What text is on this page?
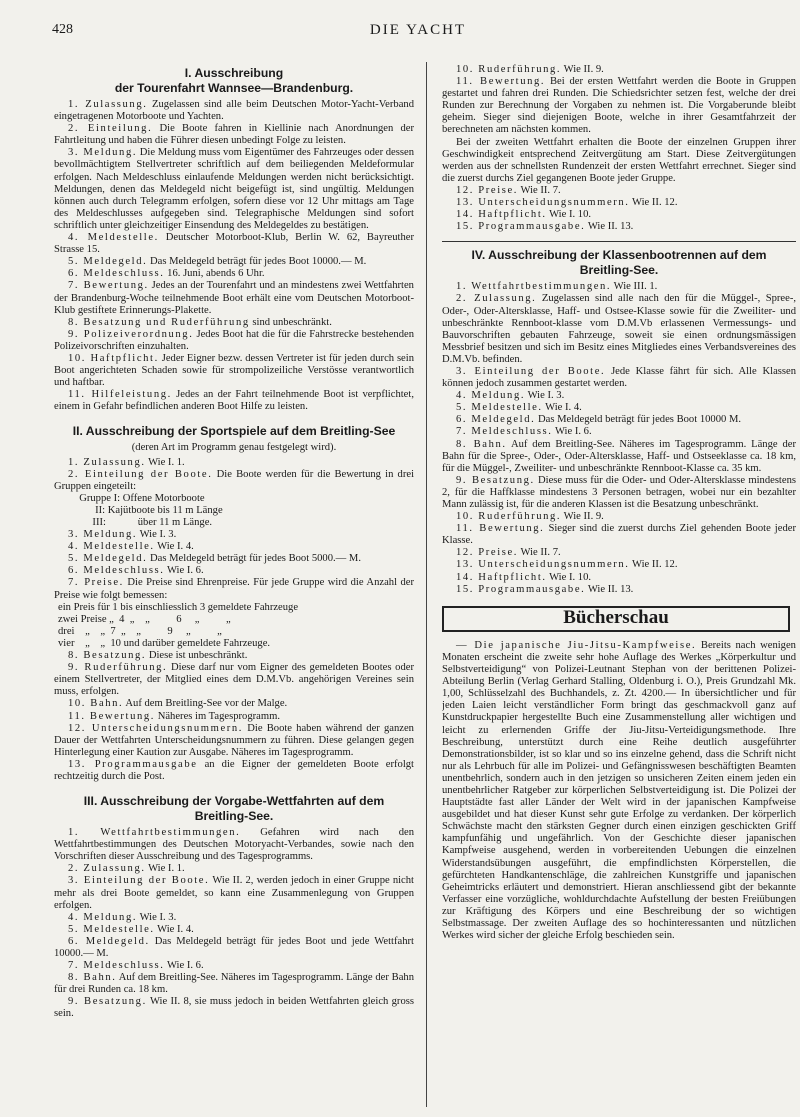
428	DIE YACHT
I. Ausschreibung
der Tourenfahrt Wannsee—Brandenburg.
1. Zulassung. Zugelassen sind alle beim Deutschen Motor-Yacht-Verband eingetragenen Motorboote und Yachten.
2. Einteilung. Die Boote fahren in Kiellinie nach Anordnungen der Fahrtleitung und haben die Führer diesen unbedingt Folge zu leisten.
3. Meldung. Die Meldung muss vom Eigentümer des Fahrzeuges oder dessen bevollmächtigtem Stellvertreter schriftlich auf dem beiliegenden Meldeformular erfolgen. Nach Meldeschluss einlaufende Meldungen werden nicht berücksichtigt. Meldungen, denen das Meldegeld nicht beigefügt ist, sind ungültig. Meldungen können auch durch Telegramm erfolgen, sofern diese vor 12 Uhr mittags am Tage des Meldeschlusses aufgegeben sind. Telegraphische Meldungen sind sofort schriftlich unter gleichzeitiger Einsendung des Meldegeldes zu bestätigen.
4. Meldestelle. Deutscher Motorboot-Klub, Berlin W. 62, Bayreuther Strasse 15.
5. Meldegeld. Das Meldegeld beträgt für jedes Boot 10000.— M.
6. Meldeschluss. 16. Juni, abends 6 Uhr.
7. Bewertung. Jedes an der Tourenfahrt und an mindestens zwei Wettfahrten der Brandenburg-Woche teilnehmende Boot erhält eine vom Deutschen Motorboot-Klub gestiftete Erinnerungs-Plakette.
8. Besatzung und Ruderführung sind unbeschränkt.
9. Polizeiverordnung. Jedes Boot hat die für die Fahrstrecke bestehenden Polizeivorschriften einzuhalten.
10. Haftpflicht. Jeder Eigner bezw. dessen Vertreter ist für jeden durch sein Boot angerichteten Schaden sowie für strompolizeiliche Verstösse verantwortlich und haftbar.
11. Hilfeleistung. Jedes an der Fahrt teilnehmende Boot ist verpflichtet, einem in Gefahr befindlichen anderen Boot Hilfe zu leisten.
II. Ausschreibung der Sportspiele auf dem Breitling-See
(deren Art im Programm genau festgelegt wird).
1. Zulassung. Wie I. 1.
2. Einteilung der Boote. Die Boote werden für die Bewertung in drei Gruppen eingeteilt:
Gruppe I: Offene Motorboote
II: Kajütboote bis 11 m Länge
III:            über 11 m Länge.
3. Meldung. Wie I. 3.
4. Meldestelle. Wie I. 4.
5. Meldegeld. Das Meldegeld beträgt für jedes Boot 5000.— M.
6. Meldeschluss. Wie I. 6.
7. Preise. Die Preise sind Ehrenpreise. Für jede Gruppe wird die Anzahl der Preise wie folgt bemessen:
ein Preis für 1 bis einschliesslich 3 gemeldete Fahrzeuge
zwei Preise „  4  „    „          6     „          „
drei    „    „  7  „    „          9     „          „
vier    „    „  10 und darüber gemeldete Fahrzeuge.
8. Besatzung. Diese ist unbeschränkt.
9. Ruderführung. Diese darf nur vom Eigner des gemeldeten Bootes oder einem Stellvertreter, der Mitglied eines dem D.M.Vb. angehörigen Vereines sein muss, erfolgen.
10. Bahn. Auf dem Breitling-See vor der Malge.
11. Bewertung. Näheres im Tagesprogramm.
12. Unterscheidungsnummern. Die Boote haben während der ganzen Dauer der Wettfahrten Unterscheidungsnummern zu führen. Diese gelangen gegen Hinterlegung einer Kaution zur Ausgabe. Näheres im Tagesprogramm.
13. Programmausgabe an die Eigner der gemeldeten Boote erfolgt rechtzeitig durch die Post.
III. Ausschreibung der Vorgabe-Wettfahrten auf dem
Breitling-See.
1. Wettfahrtbestimmungen. Gefahren wird nach den Wettfahrtbestimmungen des Deutschen Motoryacht-Verbandes, sowie nach den Vorschriften dieser Ausschreibung und des Tagesprogramms.
2. Zulassung. Wie I. 1.
3. Einteilung der Boote. Wie II. 2, werden jedoch in einer Gruppe nicht mehr als drei Boote gemeldet, so kann eine Zusammenlegung von Gruppen erfolgen.
4. Meldung. Wie I. 3.
5. Meldestelle. Wie I. 4.
6. Meldegeld. Das Meldegeld beträgt für jedes Boot und jede Wettfahrt 10000.— M.
7. Meldeschluss. Wie I. 6.
8. Bahn. Auf dem Breitling-See. Näheres im Tagesprogramm. Länge der Bahn für drei Runden ca. 18 km.
9. Besatzung. Wie II. 8, sie muss jedoch in beiden Wettfahrten gleich gross sein.
10. Ruderführung. Wie II. 9.
11. Bewertung. Bei der ersten Wettfahrt werden die Boote in Gruppen gestartet und fahren drei Runden. Die Schiedsrichter setzen fest, welche der drei Runden zur Berechnung der Vorgaben zu nehmen ist. Die Vorgaberunde bleibt geheim. Sieger sind diejenigen Boote, welche in ihrer Gesamtfahrzeit der berechneten am nächsten kommen.
Bei der zweiten Wettfahrt erhalten die Boote der einzelnen Gruppen ihrer Geschwindigkeit entsprechend Zeitvergütung am Start. Diese Zeitvergütungen werden aus der schnellsten Rundenzeit der ersten Wettfahrt errechnet. Sieger sind die zuerst durchs Ziel gegangenen Boote jeder Gruppe.
12. Preise. Wie II. 7.
13. Unterscheidungsnummern. Wie II. 12.
14. Haftpflicht. Wie I. 10.
15. Programmausgabe. Wie II. 13.
IV. Ausschreibung der Klassenbootrennen auf dem
Breitling-See.
1. Wettfahrtbestimmungen. Wie III. 1.
2. Zulassung. Zugelassen sind alle nach den für die Müggel-, Spree-, Oder-, Oder-Altersklasse, Haff- und Ostsee-Klasse sowie für die Zweiliter- und unbeschränkte Rennboot-klasse vom D.M.Vb erlassenen Vermessungs- und Bauvorschriften gebauten Fahrzeuge, soweit sie einen ordnungsmässigen Messbrief besitzen und sich im Besitz eines Mitgliedes eines Verbandsvereines des D.M.Vb. befinden.
3. Einteilung der Boote. Jede Klasse fährt für sich. Alle Klassen können jedoch zusammen gestartet werden.
4. Meldung. Wie I. 3.
5. Meldestelle. Wie I. 4.
6. Meldegeld. Das Meldegeld beträgt für jedes Boot 10000 M.
7. Meldeschluss. Wie I. 6.
8. Bahn. Auf dem Breitling-See. Näheres im Tagesprogramm. Länge der Bahn für die Spree-, Oder-, Oder-Altersklasse, Haff- und Ostseeklasse ca. 18 km, für die Müggel-, Zweiliter- und unbeschränkte Rennboot-Klasse ca. 35 km.
9. Besatzung. Diese muss für die Oder- und Oder-Altersklasse mindestens 2, für die Haffklasse mindestens 3 Personen betragen, wobei nur ein bezahlter Mann zulässig ist, für die anderen Klassen ist die Besatzung unbeschränkt.
10. Ruderführung. Wie II. 9.
11. Bewertung. Sieger sind die zuerst durchs Ziel gehenden Boote jeder Klasse.
12. Preise. Wie II. 7.
13. Unterscheidungsnummern. Wie II. 12.
14. Haftpflicht. Wie I. 10.
15. Programmausgabe. Wie II. 13.
Bücherschau
— Die japanische Jiu-Jitsu-Kampfweise. Bereits nach wenigen Monaten erscheint die zweite sehr hohe Auflage des Werkes „Körperkultur und Selbstverteidigung“ von Polizei-Leutnant Stephan von der berittenen Polizei-Abteilung Berlin (Verlag Gerhard Stalling, Oldenburg i. O.), Preis Grundzahl Mk. 1,00, Schlüsselzahl des Buchhandels, z. Zt. 4200.— In übersichtlicher und für jeden Laien leicht verständlicher Form bringt das geschmackvoll ganz auf Kunstdruckpapier hergestellte Buch eine Zusammenstellung aller wichtigen und leicht zu erlernenden Griffe der Jiu-Jitsu-Verteidigungsmethode. Ihre Beschreibung, unterstützt durch eine Reihe deutlich ausgeführter Demonstrationsbilder, ist so klar und so ins einzelne gehend, dass die Schrift nicht nur als Lehrbuch für alle im Polizei- und Gefängnisswesen beschäftigten Beamten unentbehrlich, sondern auch in den jetzigen so unsicheren Zeiten einem jeden ein unentbehrlicher Ratgeber zur körperlichen Selbstverteidigung ist. Die Polizei der Hauptstädte fast aller Länder der Welt wird in der japanischen Kampfweise ausgebildet und hat dieser Kunst sehr gute Erfolge zu verdanken. Der körperlich Schwächste macht den stärksten Gegner durch einen einzigen geschickten Griff kampfunfähig und ungefährlich. Von der Geschichte dieser japanischen Kampfweise ausgehend, werden in vorbereitenden Uebungen die einzelnen Widerstandsübungen ausgeführt, die empfindlichsten Körperstellen, die gefürchteten Handkantenschläge, die zahlreichen Kunstgriffe und japanischen Geheimtricks erläutert und demonstriert. Hieran anschliessend gibt der bekannte Verfasser eine vorzügliche, wohldurchdachte Aufstellung der besten Freiübungen zur Kräftigung des Körpers und eine Beschreibung der so wichtigen Selbstmassage. Der zweiten Auflage des so hochinteressanten und nützlichen Werkes wird sicher der gleiche Erfolg beschieden sein.
